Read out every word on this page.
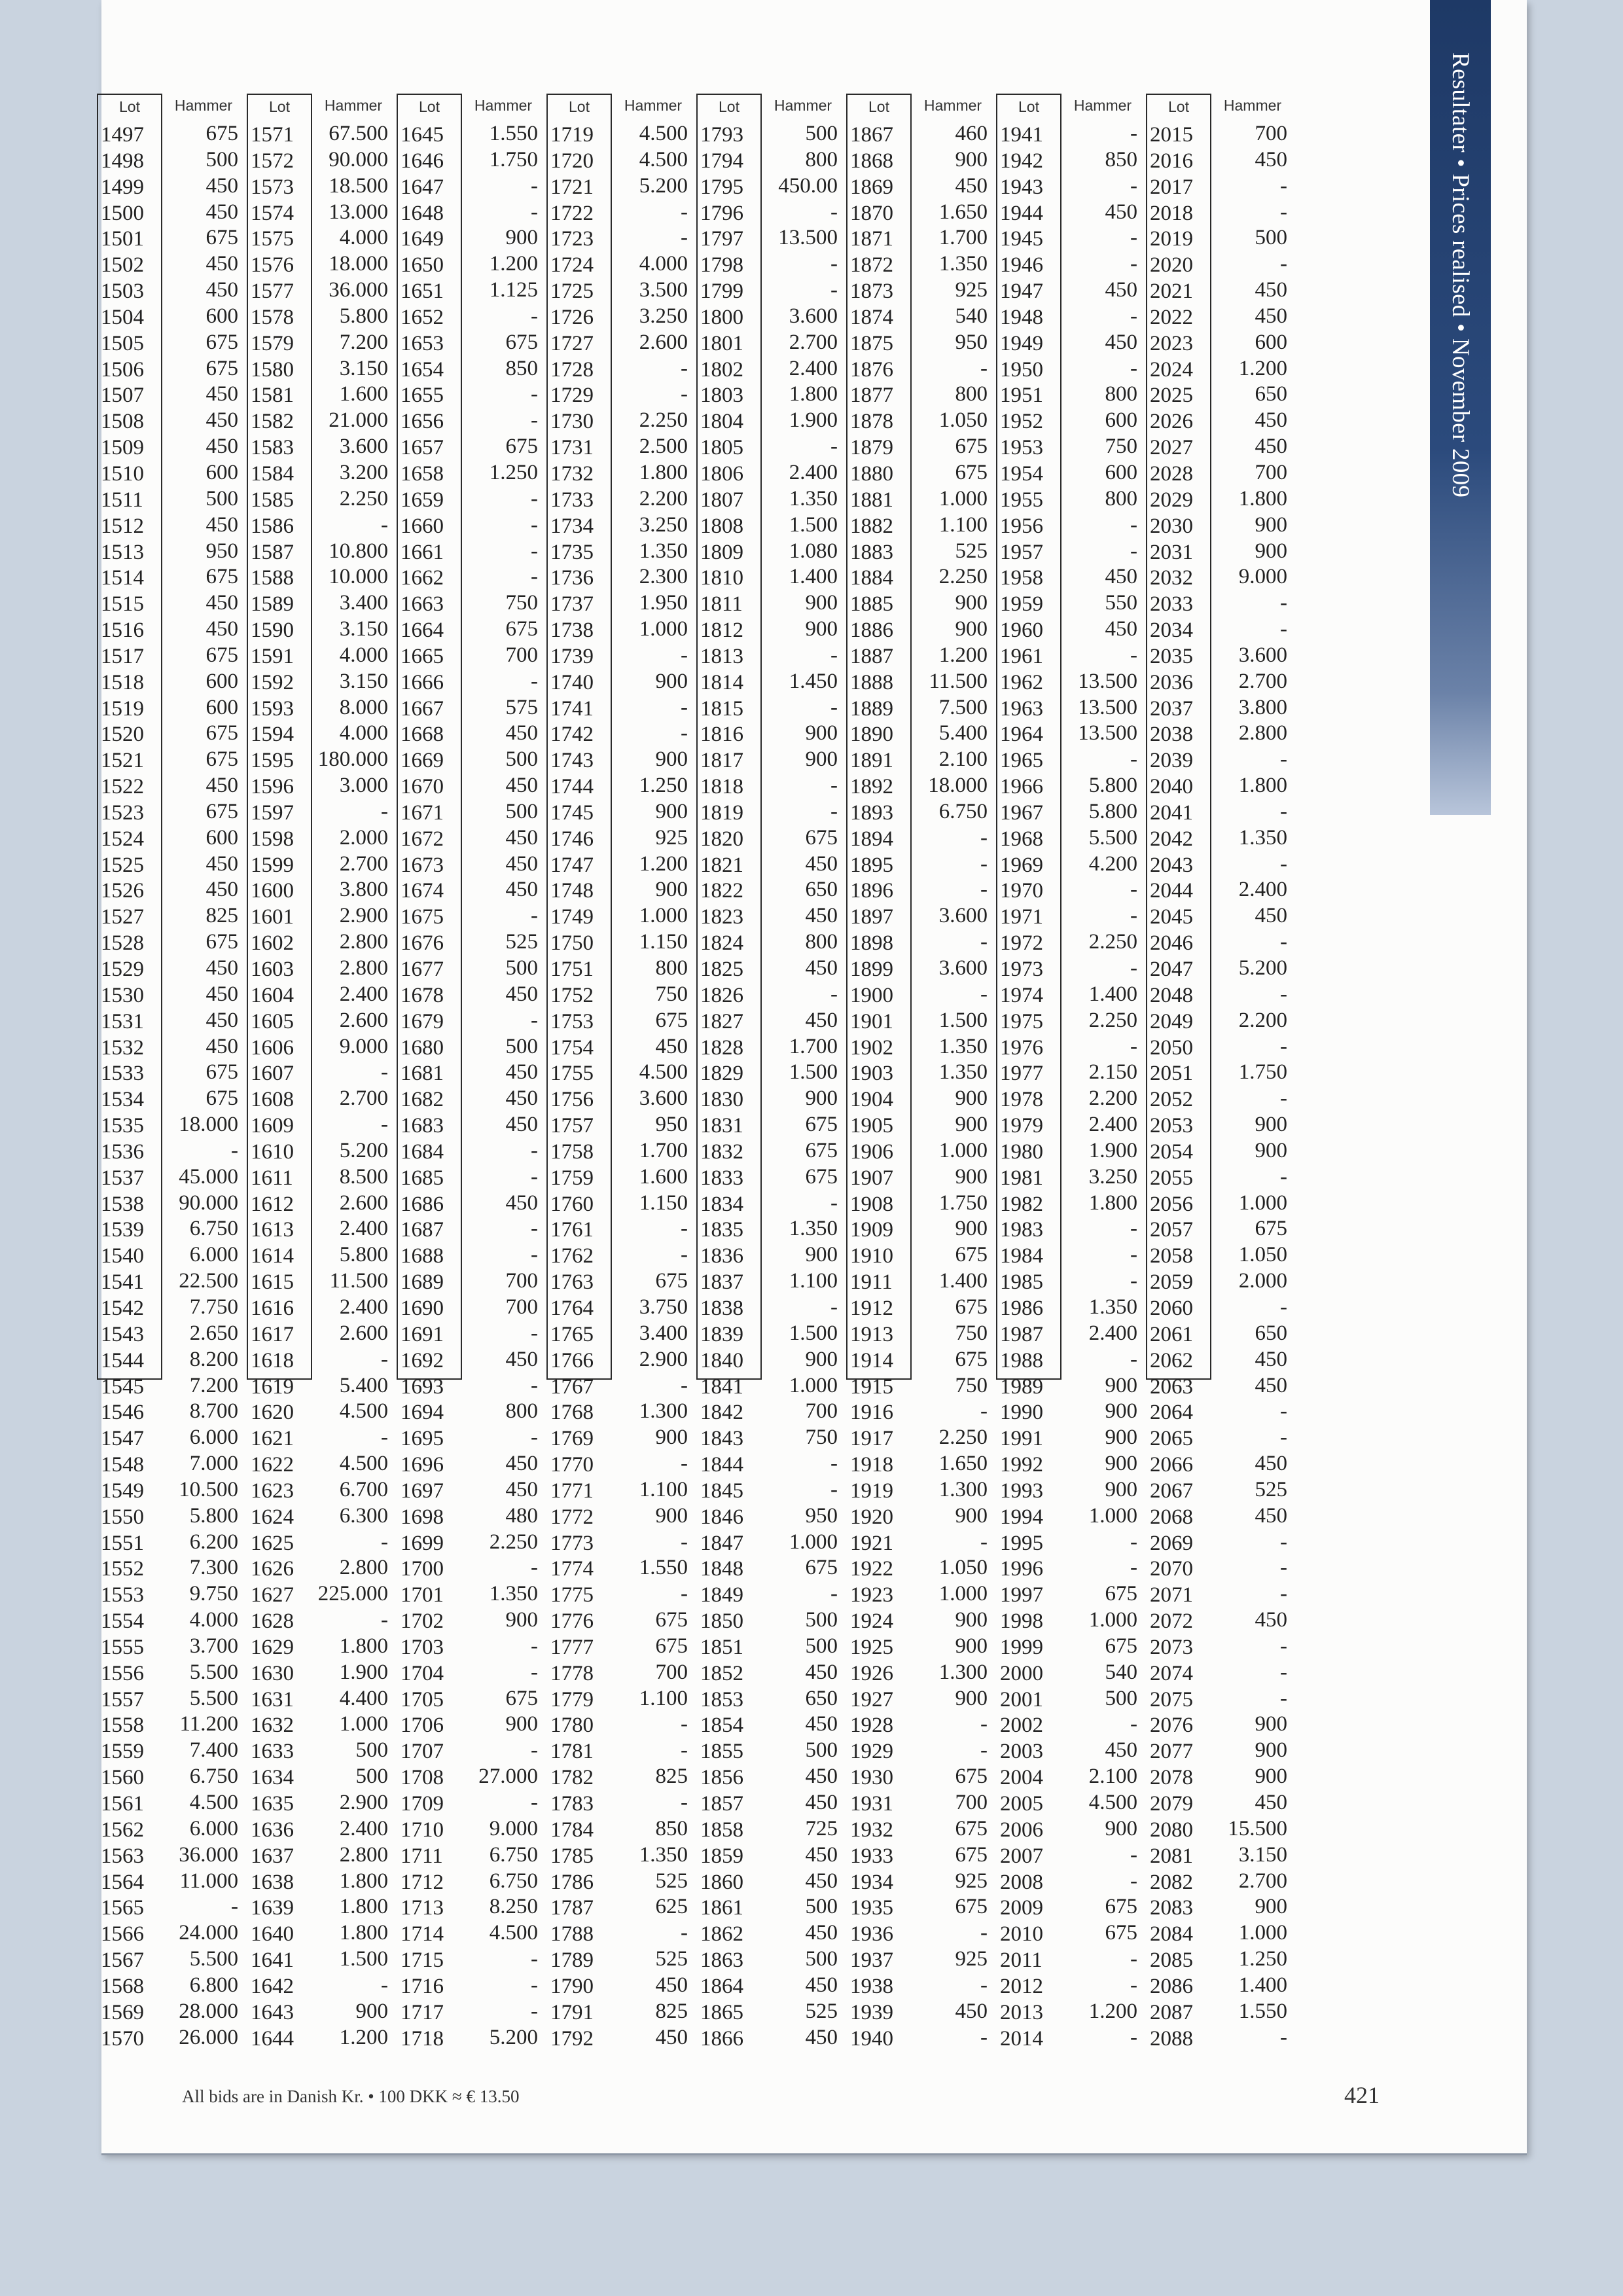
Resultater • Prices realised • November 2009
Lot
1497
1498
1499
1500
1501
1502
1503
1504
1505
1506
1507
1508
1509
1510
1511
1512
1513
1514
1515
1516
1517
1518
1519
1520
1521
1522
1523
1524
1525
1526
1527
1528
1529
1530
1531
1532
1533
1534
1535
1536
1537
1538
1539
1540
1541
1542
1543
1544
1545
1546
1547
1548
1549
1550
1551
1552
1553
1554
1555
1556
1557
1558
1559
1560
1561
1562
1563
1564
1565
1566
1567
1568
1569
1570
Hammer
675
500
450
450
675
450
450
600
675
675
450
450
450
600
500
450
950
675
450
450
675
600
600
675
675
450
675
600
450
450
825
675
450
450
450
450
675
675
18.000
-
45.000
90.000
6.750
6.000
22.500
7.750
2.650
8.200
7.200
8.700
6.000
7.000
10.500
5.800
6.200
7.300
9.750
4.000
3.700
5.500
5.500
11.200
7.400
6.750
4.500
6.000
36.000
11.000
-
24.000
5.500
6.800
28.000
26.000
Lot
1571
1572
1573
1574
1575
1576
1577
1578
1579
1580
1581
1582
1583
1584
1585
1586
1587
1588
1589
1590
1591
1592
1593
1594
1595
1596
1597
1598
1599
1600
1601
1602
1603
1604
1605
1606
1607
1608
1609
1610
1611
1612
1613
1614
1615
1616
1617
1618
1619
1620
1621
1622
1623
1624
1625
1626
1627
1628
1629
1630
1631
1632
1633
1634
1635
1636
1637
1638
1639
1640
1641
1642
1643
1644
Hammer
67.500
90.000
18.500
13.000
4.000
18.000
36.000
5.800
7.200
3.150
1.600
21.000
3.600
3.200
2.250
-
10.800
10.000
3.400
3.150
4.000
3.150
8.000
4.000
180.000
3.000
-
2.000
2.700
3.800
2.900
2.800
2.800
2.400
2.600
9.000
-
2.700
-
5.200
8.500
2.600
2.400
5.800
11.500
2.400
2.600
-
5.400
4.500
-
4.500
6.700
6.300
-
2.800
225.000
-
1.800
1.900
4.400
1.000
500
500
2.900
2.400
2.800
1.800
1.800
1.800
1.500
-
900
1.200
Lot
1645
1646
1647
1648
1649
1650
1651
1652
1653
1654
1655
1656
1657
1658
1659
1660
1661
1662
1663
1664
1665
1666
1667
1668
1669
1670
1671
1672
1673
1674
1675
1676
1677
1678
1679
1680
1681
1682
1683
1684
1685
1686
1687
1688
1689
1690
1691
1692
1693
1694
1695
1696
1697
1698
1699
1700
1701
1702
1703
1704
1705
1706
1707
1708
1709
1710
1711
1712
1713
1714
1715
1716
1717
1718
Hammer
1.550
1.750
-
-
900
1.200
1.125
-
675
850
-
-
675
1.250
-
-
-
-
750
675
700
-
575
450
500
450
500
450
450
450
-
525
500
450
-
500
450
450
450
-
-
450
-
-
700
700
-
450
-
800
-
450
450
480
2.250
-
1.350
900
-
-
675
900
-
27.000
-
9.000
6.750
6.750
8.250
4.500
-
-
-
5.200
Lot
1719
1720
1721
1722
1723
1724
1725
1726
1727
1728
1729
1730
1731
1732
1733
1734
1735
1736
1737
1738
1739
1740
1741
1742
1743
1744
1745
1746
1747
1748
1749
1750
1751
1752
1753
1754
1755
1756
1757
1758
1759
1760
1761
1762
1763
1764
1765
1766
1767
1768
1769
1770
1771
1772
1773
1774
1775
1776
1777
1778
1779
1780
1781
1782
1783
1784
1785
1786
1787
1788
1789
1790
1791
1792
Hammer
4.500
4.500
5.200
-
-
4.000
3.500
3.250
2.600
-
-
2.250
2.500
1.800
2.200
3.250
1.350
2.300
1.950
1.000
-
900
-
-
900
1.250
900
925
1.200
900
1.000
1.150
800
750
675
450
4.500
3.600
950
1.700
1.600
1.150
-
-
675
3.750
3.400
2.900
-
1.300
900
-
1.100
900
-
1.550
-
675
675
700
1.100
-
-
825
-
850
1.350
525
625
-
525
450
825
450
Lot
1793
1794
1795
1796
1797
1798
1799
1800
1801
1802
1803
1804
1805
1806
1807
1808
1809
1810
1811
1812
1813
1814
1815
1816
1817
1818
1819
1820
1821
1822
1823
1824
1825
1826
1827
1828
1829
1830
1831
1832
1833
1834
1835
1836
1837
1838
1839
1840
1841
1842
1843
1844
1845
1846
1847
1848
1849
1850
1851
1852
1853
1854
1855
1856
1857
1858
1859
1860
1861
1862
1863
1864
1865
1866
Hammer
500
800
450.00
-
13.500
-
-
3.600
2.700
2.400
1.800
1.900
-
2.400
1.350
1.500
1.080
1.400
900
900
-
1.450
-
900
900
-
-
675
450
650
450
800
450
-
450
1.700
1.500
900
675
675
675
-
1.350
900
1.100
-
1.500
900
1.000
700
750
-
-
950
1.000
675
-
500
500
450
650
450
500
450
450
725
450
450
500
450
500
450
525
450
Lot
1867
1868
1869
1870
1871
1872
1873
1874
1875
1876
1877
1878
1879
1880
1881
1882
1883
1884
1885
1886
1887
1888
1889
1890
1891
1892
1893
1894
1895
1896
1897
1898
1899
1900
1901
1902
1903
1904
1905
1906
1907
1908
1909
1910
1911
1912
1913
1914
1915
1916
1917
1918
1919
1920
1921
1922
1923
1924
1925
1926
1927
1928
1929
1930
1931
1932
1933
1934
1935
1936
1937
1938
1939
1940
Hammer
460
900
450
1.650
1.700
1.350
925
540
950
-
800
1.050
675
675
1.000
1.100
525
2.250
900
900
1.200
11.500
7.500
5.400
2.100
18.000
6.750
-
-
-
3.600
-
3.600
-
1.500
1.350
1.350
900
900
1.000
900
1.750
900
675
1.400
675
750
675
750
-
2.250
1.650
1.300
900
-
1.050
1.000
900
900
1.300
900
-
-
675
700
675
675
925
675
-
925
-
450
-
Lot
1941
1942
1943
1944
1945
1946
1947
1948
1949
1950
1951
1952
1953
1954
1955
1956
1957
1958
1959
1960
1961
1962
1963
1964
1965
1966
1967
1968
1969
1970
1971
1972
1973
1974
1975
1976
1977
1978
1979
1980
1981
1982
1983
1984
1985
1986
1987
1988
1989
1990
1991
1992
1993
1994
1995
1996
1997
1998
1999
2000
2001
2002
2003
2004
2005
2006
2007
2008
2009
2010
2011
2012
2013
2014
Hammer
-
850
-
450
-
-
450
-
450
-
800
600
750
600
800
-
-
450
550
450
-
13.500
13.500
13.500
-
5.800
5.800
5.500
4.200
-
-
2.250
-
1.400
2.250
-
2.150
2.200
2.400
1.900
3.250
1.800
-
-
-
1.350
2.400
-
900
900
900
900
900
1.000
-
-
675
1.000
675
540
500
-
450
2.100
4.500
900
-
-
675
675
-
-
1.200
-
Lot
2015
2016
2017
2018
2019
2020
2021
2022
2023
2024
2025
2026
2027
2028
2029
2030
2031
2032
2033
2034
2035
2036
2037
2038
2039
2040
2041
2042
2043
2044
2045
2046
2047
2048
2049
2050
2051
2052
2053
2054
2055
2056
2057
2058
2059
2060
2061
2062
2063
2064
2065
2066
2067
2068
2069
2070
2071
2072
2073
2074
2075
2076
2077
2078
2079
2080
2081
2082
2083
2084
2085
2086
2087
2088
Hammer
700
450
-
-
500
-
450
450
600
1.200
650
450
450
700
1.800
900
900
9.000
-
-
3.600
2.700
3.800
2.800
-
1.800
-
1.350
-
2.400
450
-
5.200
-
2.200
-
1.750
-
900
900
-
1.000
675
1.050
2.000
-
650
450
450
-
-
450
525
450
-
-
-
450
-
-
-
900
900
900
450
15.500
3.150
2.700
900
1.000
1.250
1.400
1.550
-
All bids are in Danish Kr. • 100 DKK ≈ € 13.50	421
